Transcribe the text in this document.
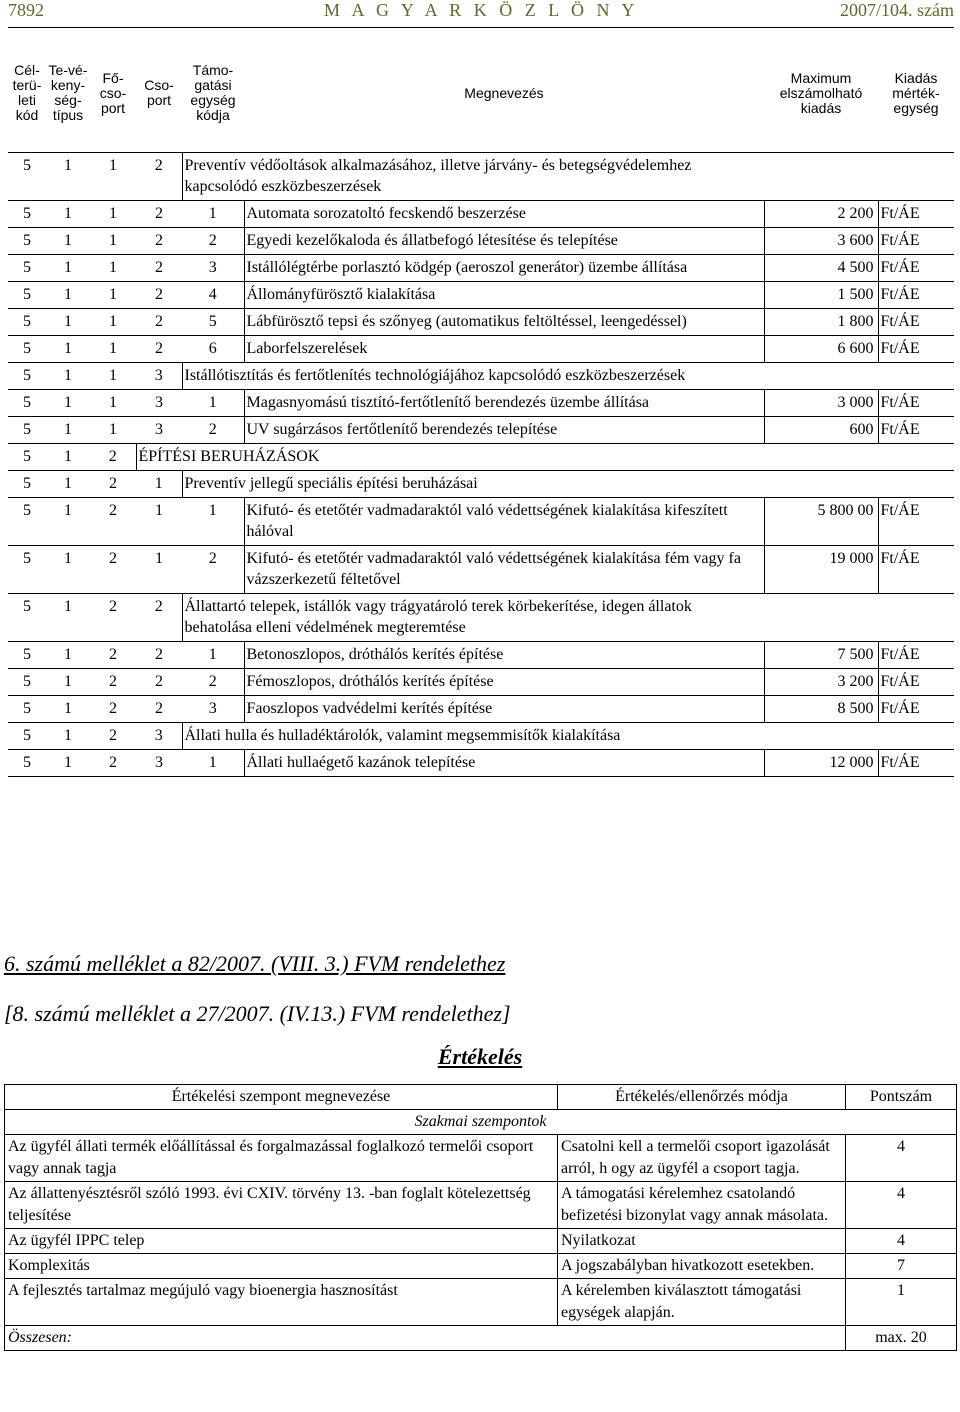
7892	M A G Y A R K Ö Z L Ö N Y	2007/104. szám
Cél-terü-leti kód	Te-vé-keny-ség-típus	Fő-cso-port	Cso-port	Támo-gatási egység kódja	Megnevezés	Maximum elszámolható kiadás	Kiadás mérték-egység
5	1	1	2	Preventív védőoltások alkalmazásához, illetve járvány- és betegségvédelemhez kapcsolódó eszközbeszerzések			
5	1	1	2	1	Automata sorozatoltó fecskendő beszerzése	2 200	Ft/ÁE
5	1	1	2	2	Egyedi kezelőkaloda és állatbefogó létesítése és telepítése	3 600	Ft/ÁE
5	1	1	2	3	Istállólégtérbe porlasztó ködgép (aeroszol generátor) üzembe állítása	4 500	Ft/ÁE
5	1	1	2	4	Állományfürösztő kialakítása	1 500	Ft/ÁE
5	1	1	2	5	Lábfürösztő tepsi és szőnyeg (automatikus feltöltéssel, leengedéssel)	1 800	Ft/ÁE
5	1	1	2	6	Laborfelszerelések	6 600	Ft/ÁE
5	1	1	3	Istállótisztítás és fertőtlenítés technológiájához kapcsolódó eszközbeszerzések			
5	1	1	3	1	Magasnyomású tisztító-fertőtlenítő berendezés üzembe állítása	3 000	Ft/ÁE
5	1	1	3	2	UV sugárzásos fertőtlenítő berendezés telepítése	600	Ft/ÁE
5	1	2	ÉPÍTÉSI BERUHÁZÁSOK				
5	1	2	1	Preventív jellegű speciális építési beruházásai			
5	1	2	1	1	Kifutó- és etetőtér vadmadaraktól való védettségének kialakítása kifeszített hálóval	5 800 00	Ft/ÁE
5	1	2	1	2	Kifutó- és etetőtér vadmadaraktól való védettségének kialakítása fém vagy fa vázszerkezetű féltetővel	19 000	Ft/ÁE
5	1	2	2	Állattartó telepek, istállók vagy trágyatároló terek körbekerítése, idegen állatok behatolása elleni védelmének megteremtése			
5	1	2	2	1	Betonoszlopos, dróthálós kerítés építése	7 500	Ft/ÁE
5	1	2	2	2	Fémoszlopos, dróthálós kerítés építése	3 200	Ft/ÁE
5	1	2	2	3	Faoszlopos vadvédelmi kerítés építése	8 500	Ft/ÁE
5	1	2	3	Állati hulla és hulladéktárolók, valamint megsemmisítők kialakítása			
5	1	2	3	1	Állati hullaégető kazánok telepítése	12 000	Ft/ÁE
6. számú melléklet a 82/2007. (VIII. 3.) FVM rendelethez
[8. számú melléklet a 27/2007. (IV.13.) FVM rendelethez]
Értékelés
Értékelési szempont megnevezése	Értékelés/ellenőrzés módja	Pontszám
Szakmai szempontok		
Az ügyfél állati termék előállítással és forgalmazással foglalkozó termelői csoport vagy annak tagja	Csatolni kell a termelői csoport igazolását arról, h ogy az ügyfél a csoport tagja.	4
Az állattenyésztésről szóló 1993. évi CXIV. törvény 13. -ban foglalt kötelezettség teljesítése	A támogatási kérelemhez csatolandó befizetési bizonylat vagy annak másolata.	4
Az ügyfél IPPC telep	Nyilatkozat	4
Komplexitás	A jogszabályban hivatkozott esetekben.	7
A fejlesztés tartalmaz megújuló vagy bioenergia hasznosítást	A kérelemben kiválasztott támogatási egységek alapján.	1
Összesen:		max. 20
